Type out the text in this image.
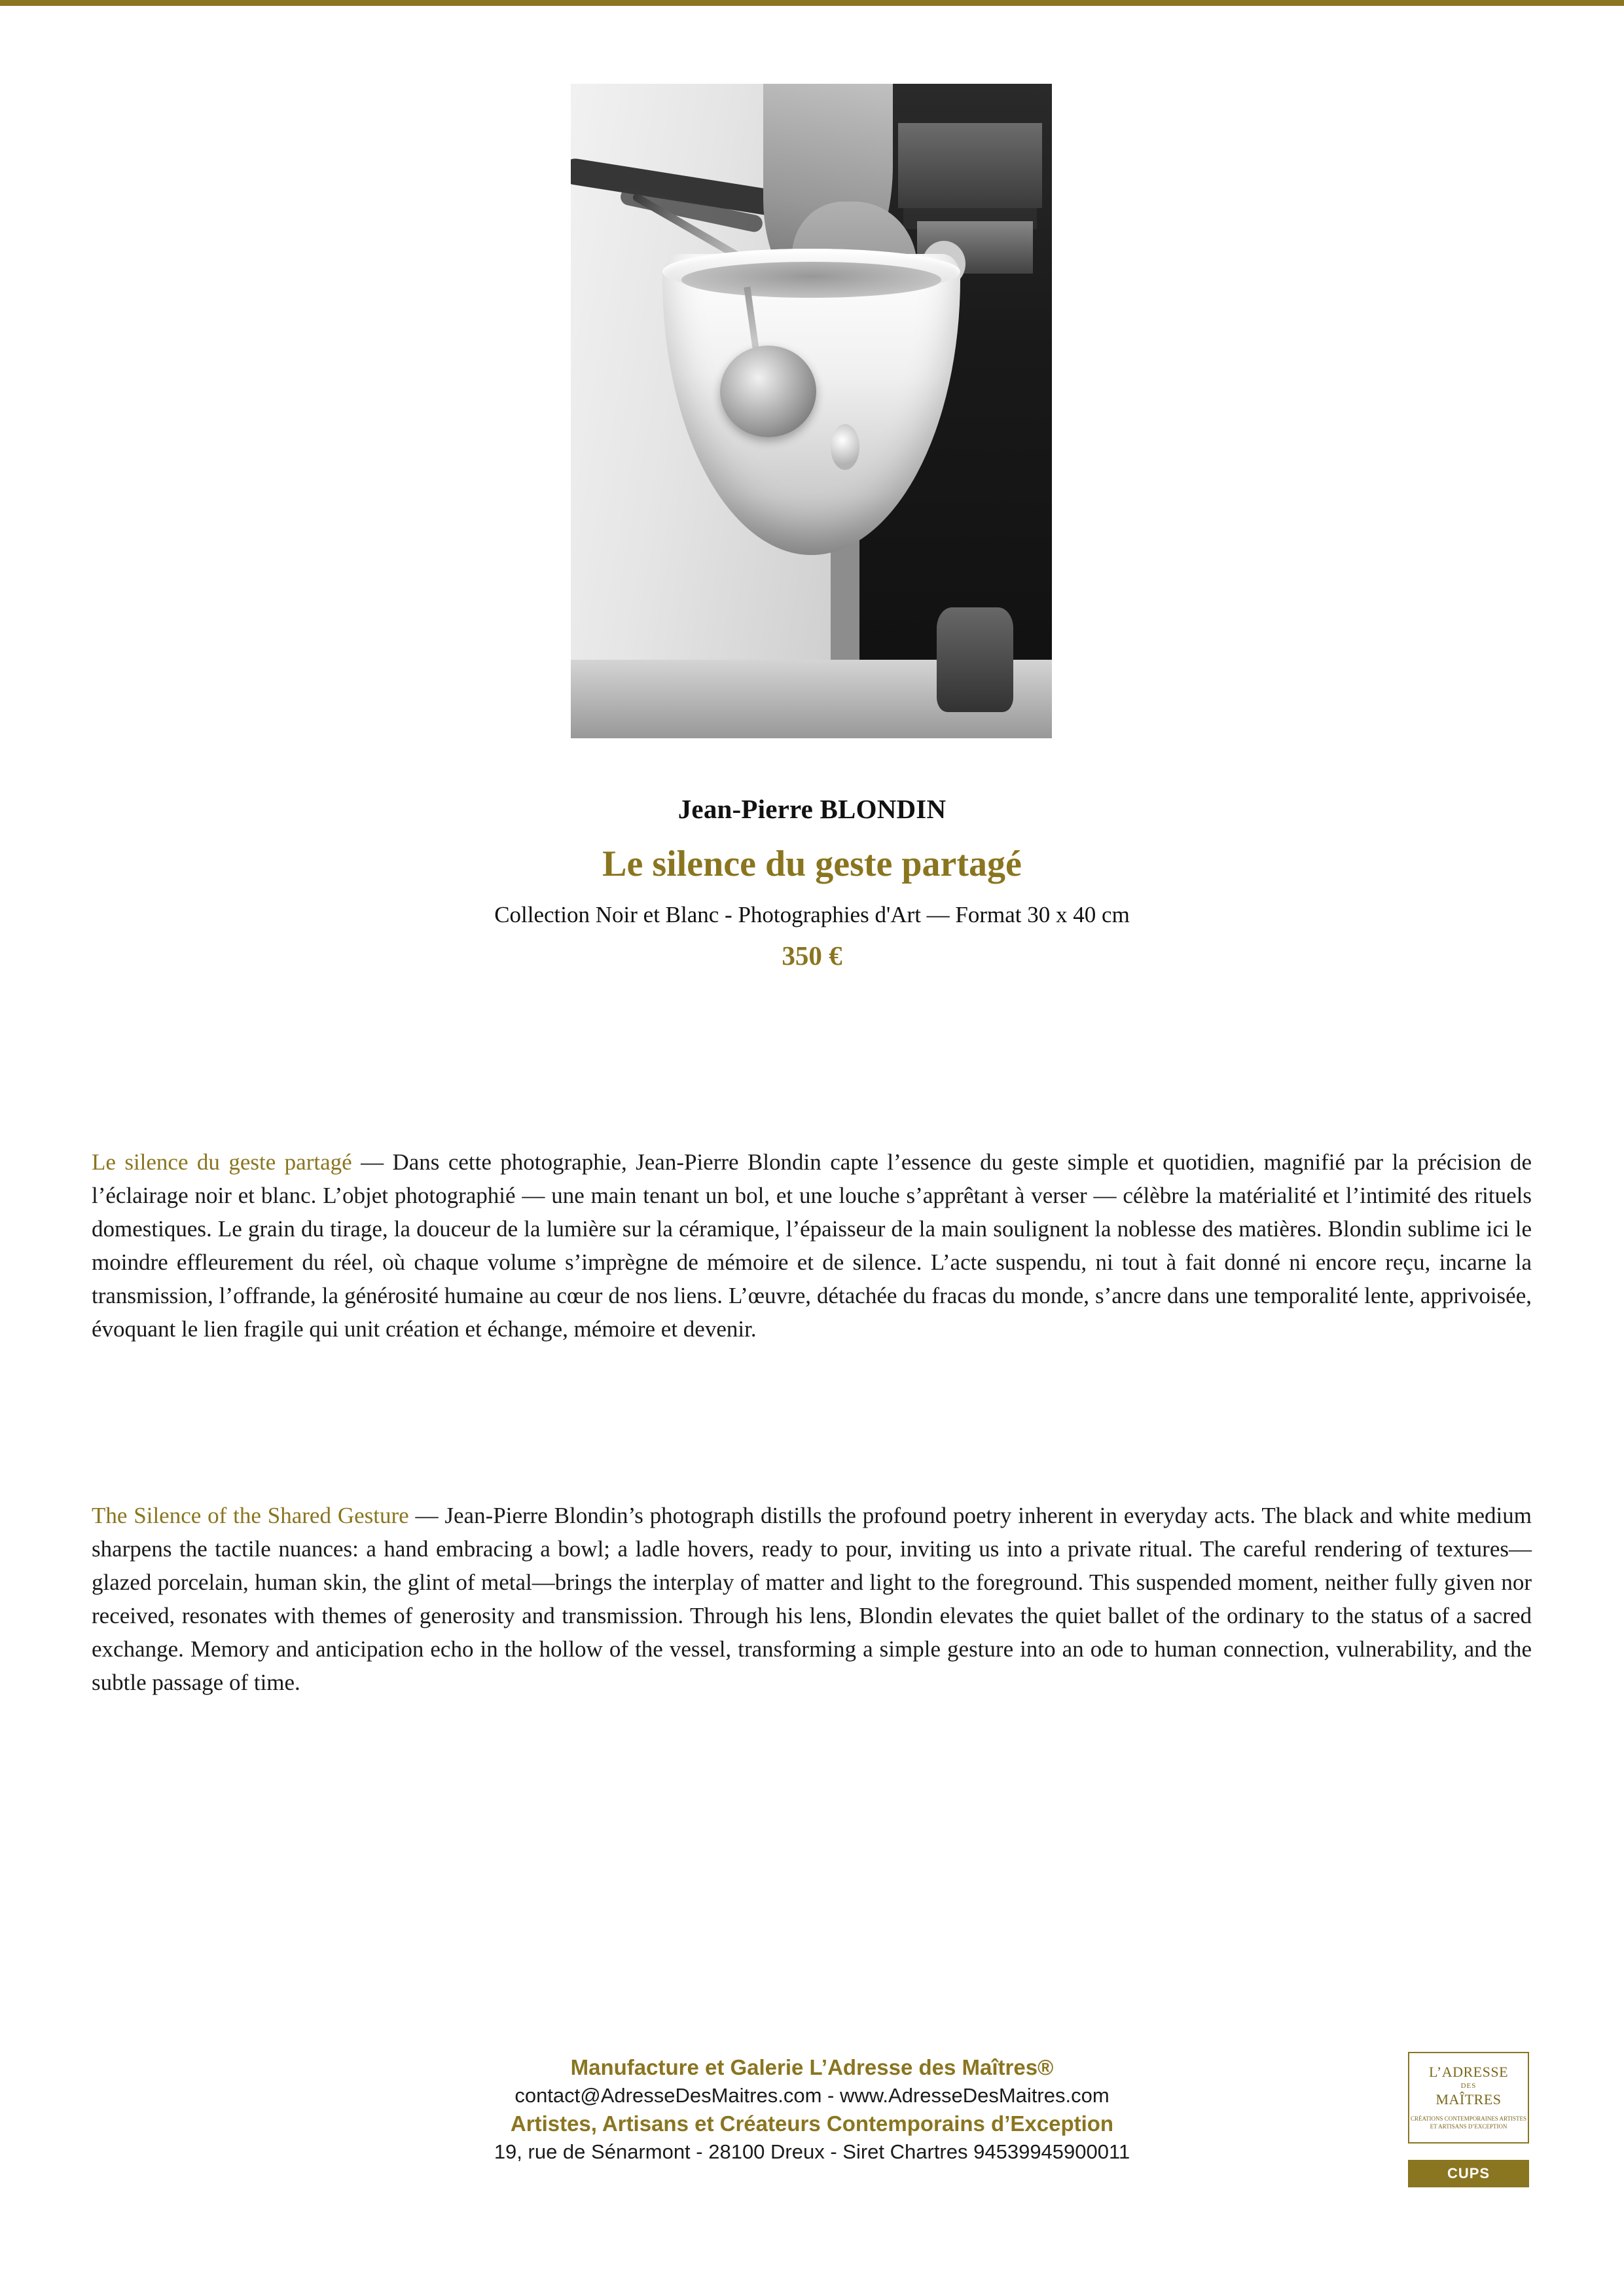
Jean-Pierre BLONDIN
Le silence du geste partagé
Collection Noir et Blanc - Photographies d'Art — Format 30 x 40 cm
350 €

Le silence du geste partagé — Dans cette photographie, Jean-Pierre Blondin capte l’essence du geste simple et quotidien, magnifié par la précision de l’éclairage noir et blanc. L’objet photographié — une main tenant un bol, et une louche s’apprêtant à verser — célèbre la matérialité et l’intimité des rituels domestiques. Le grain du tirage, la douceur de la lumière sur la céramique, l’épaisseur de la main soulignent la noblesse des matières. Blondin sublime ici le moindre effleurement du réel, où chaque volume s’imprègne de mémoire et de silence. L’acte suspendu, ni tout à fait donné ni encore reçu, incarne la transmission, l’offrande, la générosité humaine au cœur de nos liens. L’œuvre, détachée du fracas du monde, s’ancre dans une temporalité lente, apprivoisée, évoquant le lien fragile qui unit création et échange, mémoire et devenir.

The Silence of the Shared Gesture — Jean-Pierre Blondin’s photograph distills the profound poetry inherent in everyday acts. The black and white medium sharpens the tactile nuances: a hand embracing a bowl; a ladle hovers, ready to pour, inviting us into a private ritual. The careful rendering of textures—glazed porcelain, human skin, the glint of metal—brings the interplay of matter and light to the foreground. This suspended moment, neither fully given nor received, resonates with themes of generosity and transmission. Through his lens, Blondin elevates the quiet ballet of the ordinary to the status of a sacred exchange. Memory and anticipation echo in the hollow of the vessel, transforming a simple gesture into an ode to human connection, vulnerability, and the subtle passage of time.

Manufacture et Galerie L’Adresse des Maîtres®
contact@AdresseDesMaitres.com - www.AdresseDesMaitres.com
Artistes, Artisans et Créateurs Contemporains d’Exception
19, rue de Sénarmont - 28100 Dreux - Siret Chartres 94539945900011
L’ADRESSE
DES
MAÎTRES
CRÉATIONS CONTEMPORAINES ARTISTES ET ARTISANS D’EXCEPTION
CUPS
